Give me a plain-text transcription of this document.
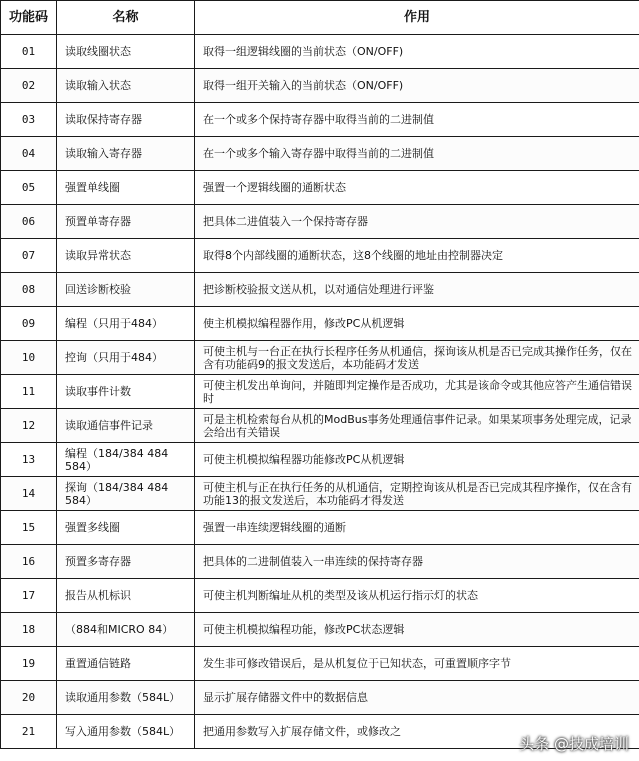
功能码	名称	作用
01	读取线圈状态	取得一组逻辑线圈的当前状态（ON/OFF)
02	读取输入状态	取得一组开关输入的当前状态（ON/OFF)
03	读取保持寄存器	在一个或多个保持寄存器中取得当前的二进制值
04	读取输入寄存器	在一个或多个输入寄存器中取得当前的二进制值
05	强置单线圈	强置一个逻辑线圈的通断状态
06	预置单寄存器	把具体二进值装入一个保持寄存器
07	读取异常状态	取得8个内部线圈的通断状态，这8个线圈的地址由控制器决定
08	回送诊断校验	把诊断校验报文送从机，以对通信处理进行评鉴
09	编程（只用于484）	使主机模拟编程器作用，修改PC从机逻辑
10	控询（只用于484）	可使主机与一台正在执行长程序任务从机通信，探询该从机是否已完成其操作任务，仅在含有功能码9的报文发送后，本功能码才发送
11	读取事件计数	可使主机发出单询问，并随即判定操作是否成功，尤其是该命令或其他应答产生通信错误时
12	读取通信事件记录	可是主机检索每台从机的ModBus事务处理通信事件记录。如果某项事务处理完成，记录会给出有关错误
13	编程（184/384 484 584）	可使主机模拟编程器功能修改PC从机逻辑
14	探询（184/384 484 584）	可使主机与正在执行任务的从机通信，定期控询该从机是否已完成其程序操作，仅在含有功能13的报文发送后，本功能码才得发送
15	强置多线圈	强置一串连续逻辑线圈的通断
16	预置多寄存器	把具体的二进制值装入一串连续的保持寄存器
17	报告从机标识	可使主机判断编址从机的类型及该从机运行指示灯的状态
18	（884和MICRO 84）	可使主机模拟编程功能，修改PC状态逻辑
19	重置通信链路	发生非可修改错误后，是从机复位于已知状态，可重置顺序字节
20	读取通用参数（584L）	显示扩展存储器文件中的数据信息
21	写入通用参数（584L）	把通用参数写入扩展存储文件，或修改之
头条 @技成培训
